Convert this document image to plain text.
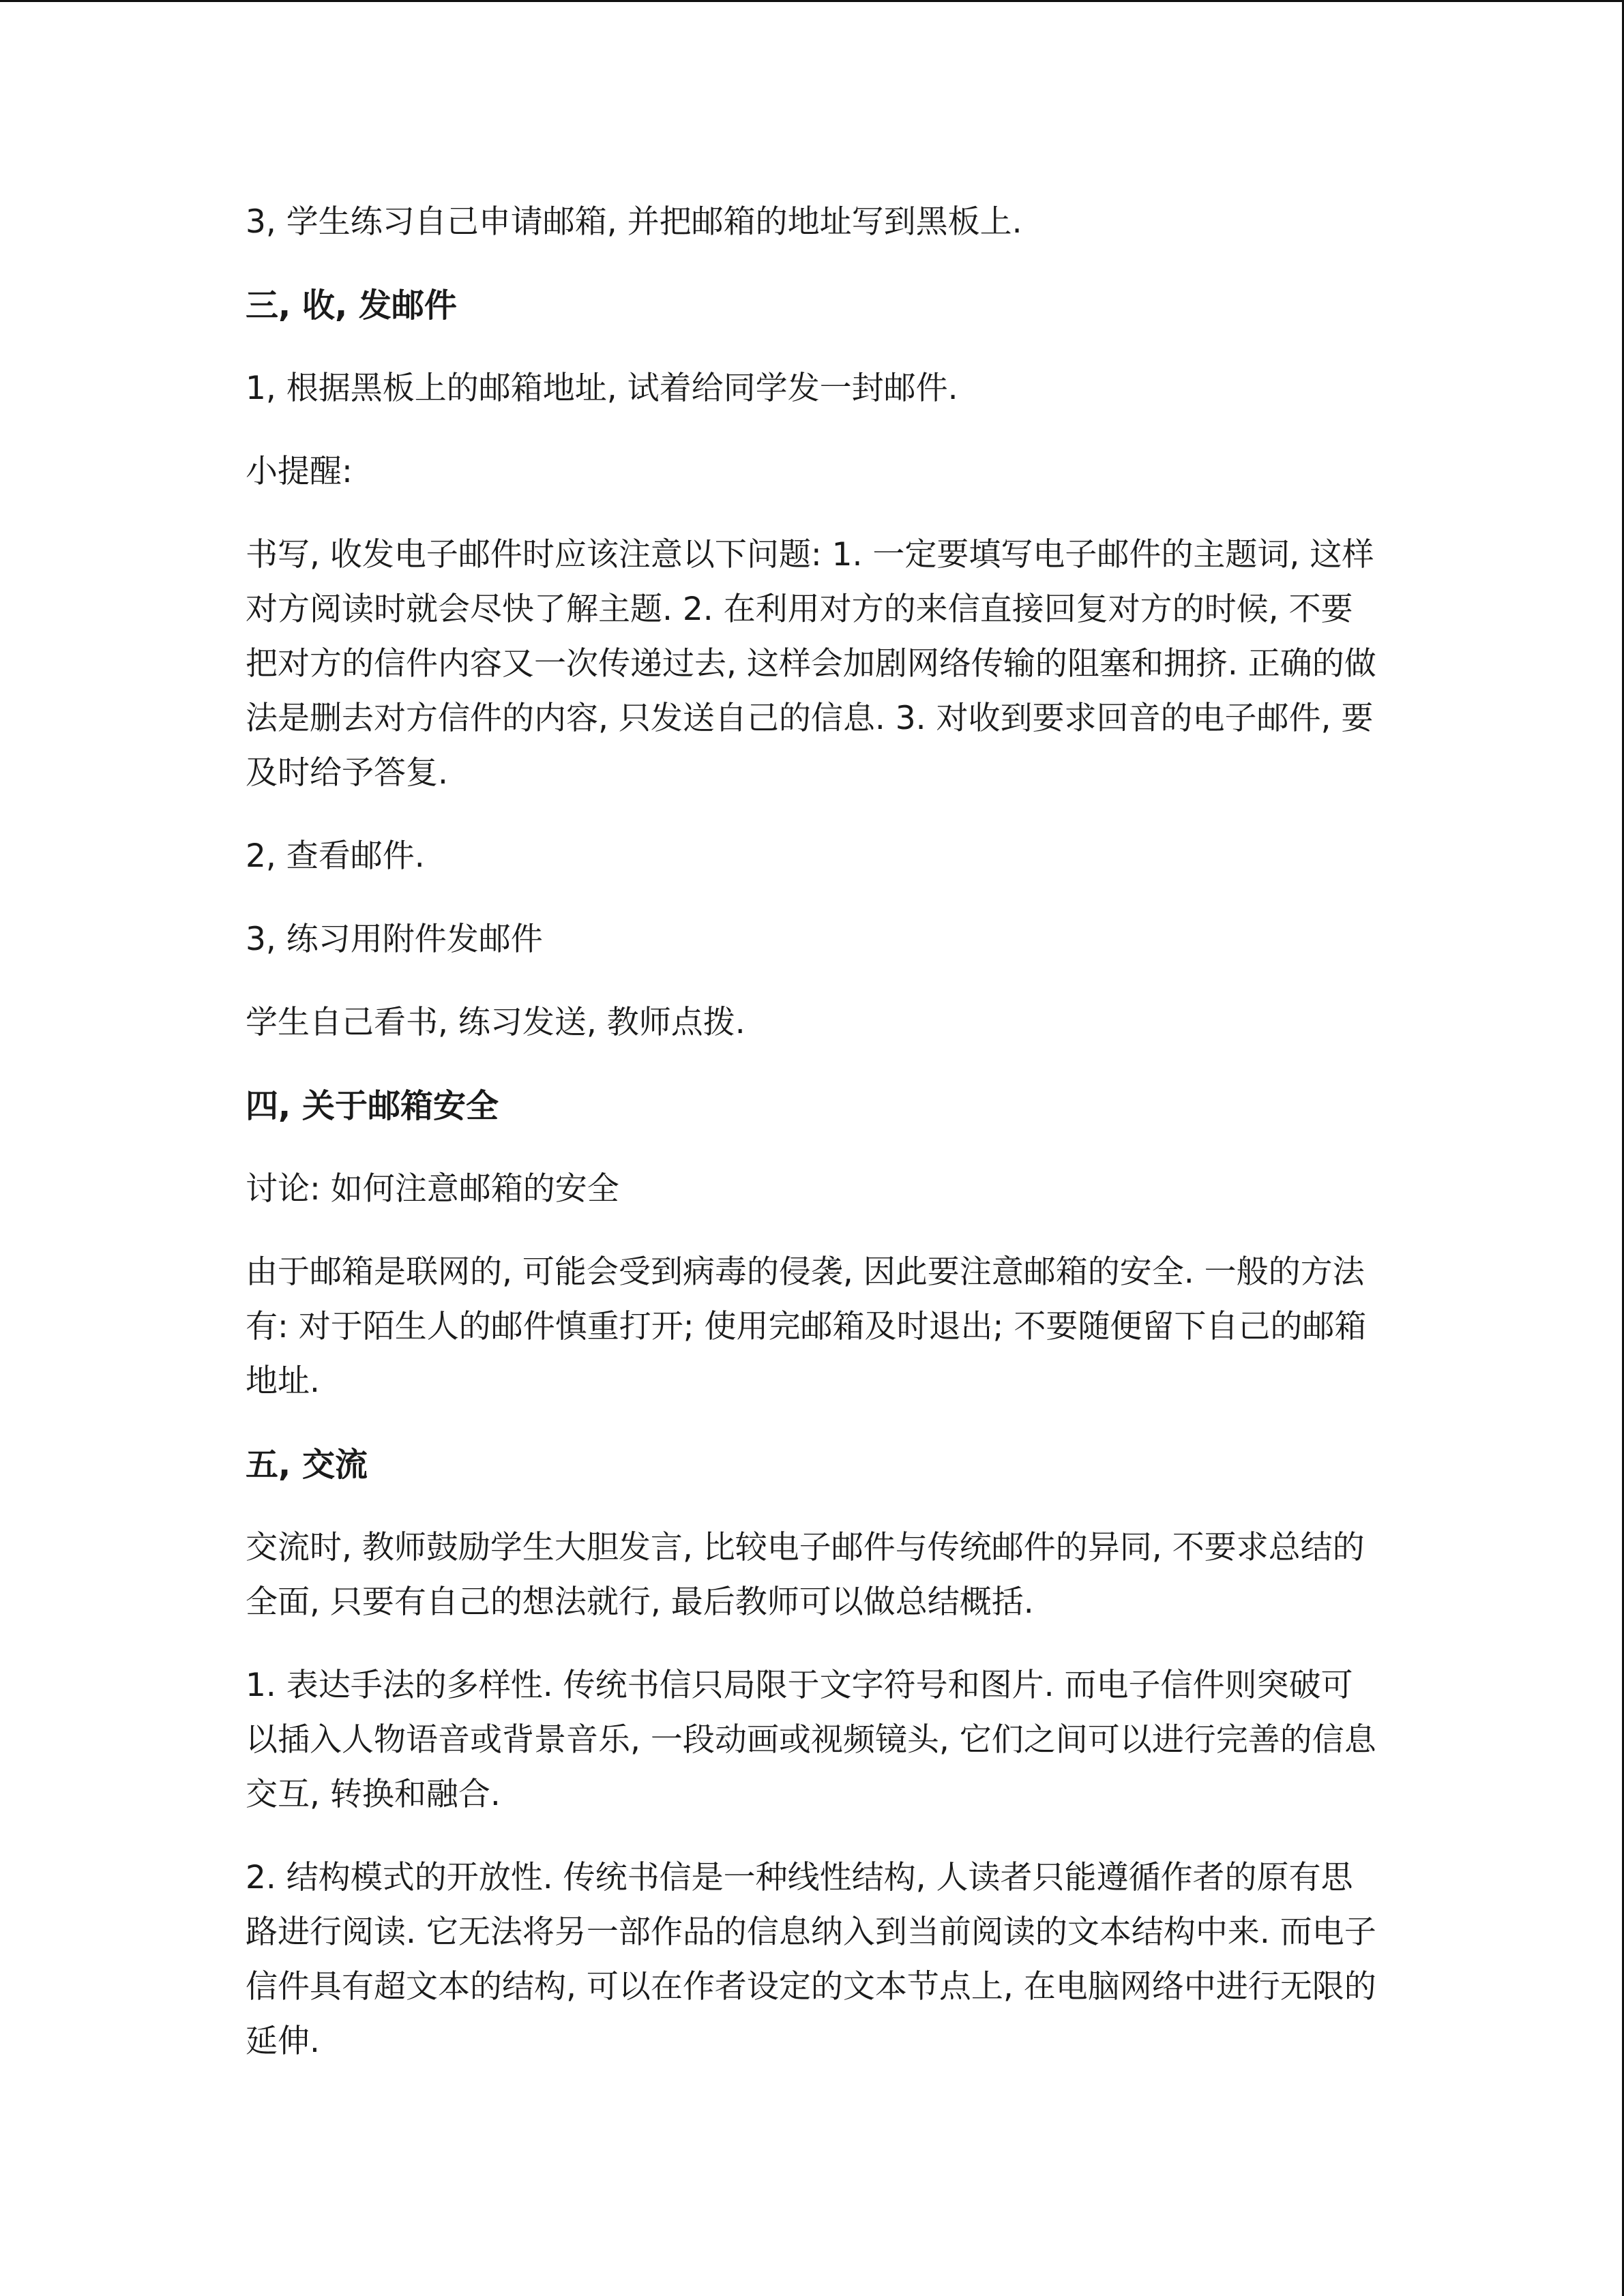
3, 学生练习自己申请邮箱, 并把邮箱的地址写到黑板上.

三, 收, 发邮件

1, 根据黑板上的邮箱地址, 试着给同学发一封邮件.

小提醒:

书写, 收发电子邮件时应该注意以下问题: 1. 一定要填写电子邮件的主题词, 这样对方阅读时就会尽快了解主题. 2. 在利用对方的来信直接回复对方的时候, 不要把对方的信件内容又一次传递过去, 这样会加剧网络传输的阻塞和拥挤. 正确的做法是删去对方信件的内容, 只发送自己的信息. 3. 对收到要求回音的电子邮件, 要及时给予答复.

2, 查看邮件.

3, 练习用附件发邮件

学生自己看书, 练习发送, 教师点拨.

四, 关于邮箱安全

讨论: 如何注意邮箱的安全

由于邮箱是联网的, 可能会受到病毒的侵袭, 因此要注意邮箱的安全. 一般的方法有: 对于陌生人的邮件慎重打开; 使用完邮箱及时退出; 不要随便留下自己的邮箱地址.

五, 交流

交流时, 教师鼓励学生大胆发言, 比较电子邮件与传统邮件的异同, 不要求总结的全面, 只要有自己的想法就行, 最后教师可以做总结概括.

1. 表达手法的多样性. 传统书信只局限于文字符号和图片. 而电子信件则突破可以插入人物语音或背景音乐, 一段动画或视频镜头, 它们之间可以进行完善的信息交互, 转换和融合.

2. 结构模式的开放性. 传统书信是一种线性结构, 人读者只能遵循作者的原有思路进行阅读. 它无法将另一部作品的信息纳入到当前阅读的文本结构中来. 而电子信件具有超文本的结构, 可以在作者设定的文本节点上, 在电脑网络中进行无限的延伸.
